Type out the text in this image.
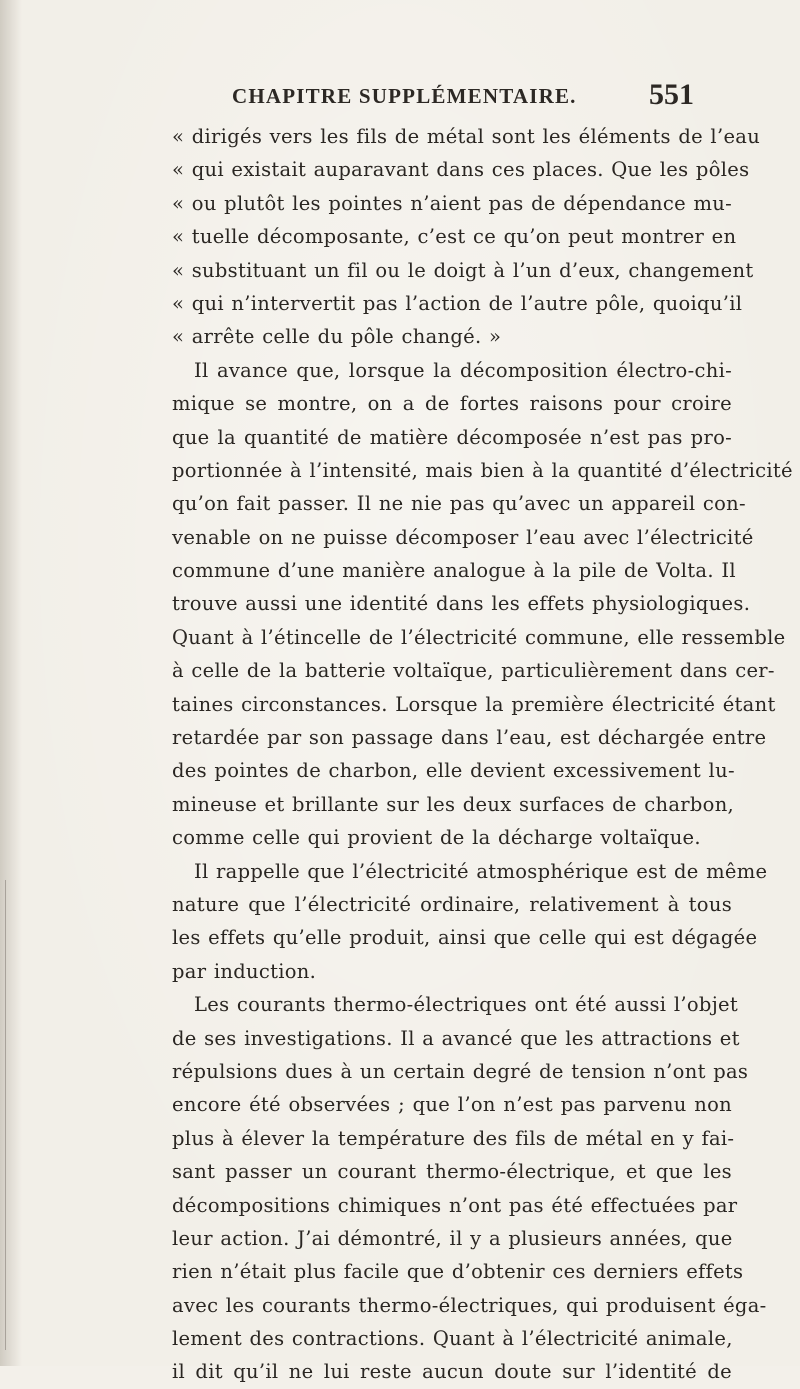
CHAPITRE SUPPLÉMENTAIRE. 551
« dirigés vers les fils de métal sont les éléments de l’eau
« qui existait auparavant dans ces places. Que les pôles
« ou plutôt les pointes n’aient pas de dépendance mu-
« tuelle décomposante, c’est ce qu’on peut montrer en
« substituant un fil ou le doigt à l’un d’eux, changement
« qui n’intervertit pas l’action de l’autre pôle, quoiqu’il
« arrête celle du pôle changé. »
Il avance que, lorsque la décomposition électro-chi-
mique se montre, on a de fortes raisons pour croire
que la quantité de matière décomposée n’est pas pro-
portionnée à l’intensité, mais bien à la quantité d’électricité
qu’on fait passer. Il ne nie pas qu’avec un appareil con-
venable on ne puisse décomposer l’eau avec l’électricité
commune d’une manière analogue à la pile de Volta. Il
trouve aussi une identité dans les effets physiologiques.
Quant à l’étincelle de l’électricité commune, elle ressemble
à celle de la batterie voltaïque, particulièrement dans cer-
taines circonstances. Lorsque la première électricité étant
retardée par son passage dans l’eau, est déchargée entre
des pointes de charbon, elle devient excessivement lu-
mineuse et brillante sur les deux surfaces de charbon,
comme celle qui provient de la décharge voltaïque.
Il rappelle que l’électricité atmosphérique est de même
nature que l’électricité ordinaire, relativement à tous
les effets qu’elle produit, ainsi que celle qui est dégagée
par induction.
Les courants thermo-électriques ont été aussi l’objet
de ses investigations. Il a avancé que les attractions et
répulsions dues à un certain degré de tension n’ont pas
encore été observées ; que l’on n’est pas parvenu non
plus à élever la température des fils de métal en y fai-
sant passer un courant thermo-électrique, et que les
décompositions chimiques n’ont pas été effectuées par
leur action. J’ai démontré, il y a plusieurs années, que
rien n’était plus facile que d’obtenir ces derniers effets
avec les courants thermo-électriques, qui produisent éga-
lement des contractions. Quant à l’électricité animale,
il dit qu’il ne lui reste aucun doute sur l’identité de
